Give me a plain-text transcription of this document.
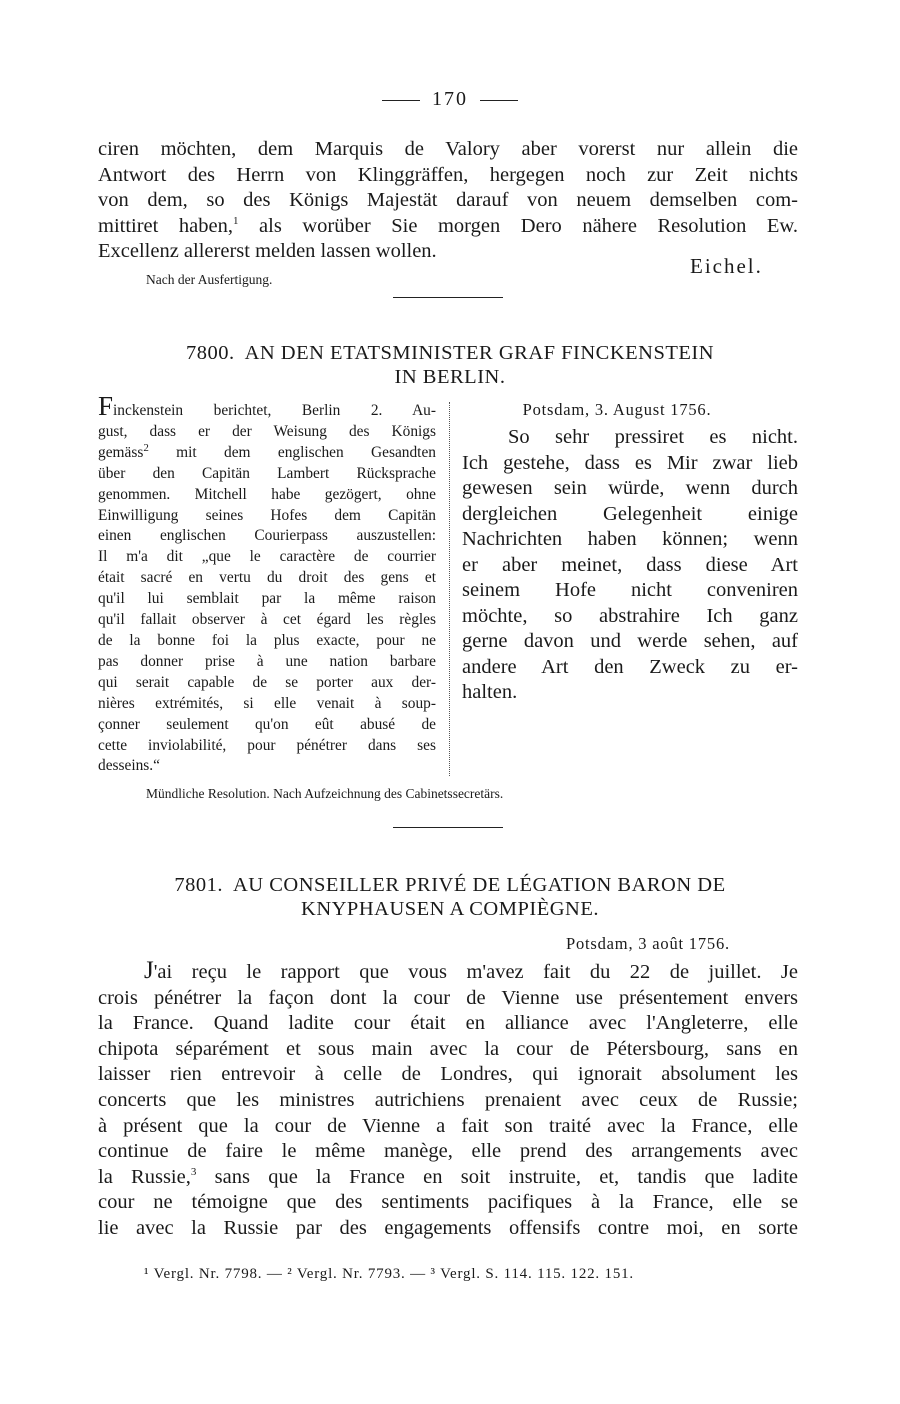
170
ciren möchten, dem Marquis de Valory aber vorerst nur allein die
Antwort des Herrn von Klinggräffen, hergegen noch zur Zeit nichts
von dem, so des Königs Majestät darauf von neuem demselben com-
mittiret haben,$^1$ als worüber Sie morgen Dero nähere Resolution Ew.
Excellenz allererst melden lassen wollen.
Eichel.
Nach der Ausfertigung.
7800. AN DEN ETATSMINISTER GRAF FINCKENSTEIN
IN BERLIN.
Finckenstein berichtet, Berlin 2. Au-
gust, dass er der Weisung des Königs
gemäss$^2$ mit dem englischen Gesandten
über den Capitän Lambert Rücksprache
genommen. Mitchell habe gezögert, ohne
Einwilligung seines Hofes dem Capitän
einen englischen Courierpass auszustellen:
Il m'a dit „que le caractère de courrier
était sacré en vertu du droit des gens et
qu'il lui semblait par la même raison
qu'il fallait observer à cet égard les règles
de la bonne foi la plus exacte, pour ne
pas donner prise à une nation barbare
qui serait capable de se porter aux der-
nières extrémités, si elle venait à soup-
çonner seulement qu'on eût abusé de
cette inviolabilité, pour pénétrer dans ses
desseins.“
Potsdam, 3. August 1756.
So sehr pressiret es nicht.
Ich gestehe, dass es Mir zwar lieb
gewesen sein würde, wenn durch
dergleichen Gelegenheit einige
Nachrichten haben können; wenn
er aber meinet, dass diese Art
seinem Hofe nicht conveniren
möchte, so abstrahire Ich ganz
gerne davon und werde sehen, auf
andere Art den Zweck zu er-
halten.
Mündliche Resolution. Nach Aufzeichnung des Cabinetssecretärs.
7801. AU CONSEILLER PRIVÉ DE LÉGATION BARON DE
KNYPHAUSEN A COMPIÈGNE.
Potsdam, 3 août 1756.
J'ai reçu le rapport que vous m'avez fait du 22 de juillet. Je
crois pénétrer la façon dont la cour de Vienne use présentement envers
la France. Quand ladite cour était en alliance avec l'Angleterre, elle
chipota séparément et sous main avec la cour de Pétersbourg, sans en
laisser rien entrevoir à celle de Londres, qui ignorait absolument les
concerts que les ministres autrichiens prenaient avec ceux de Russie;
à présent que la cour de Vienne a fait son traité avec la France, elle
continue de faire le même manège, elle prend des arrangements avec
la Russie,$^3$ sans que la France en soit instruite, et, tandis que ladite
cour ne témoigne que des sentiments pacifiques à la France, elle se
lie avec la Russie par des engagements offensifs contre moi, en sorte
¹ Vergl. Nr. 7798. — ² Vergl. Nr. 7793. — ³ Vergl. S. 114. 115. 122. 151.
